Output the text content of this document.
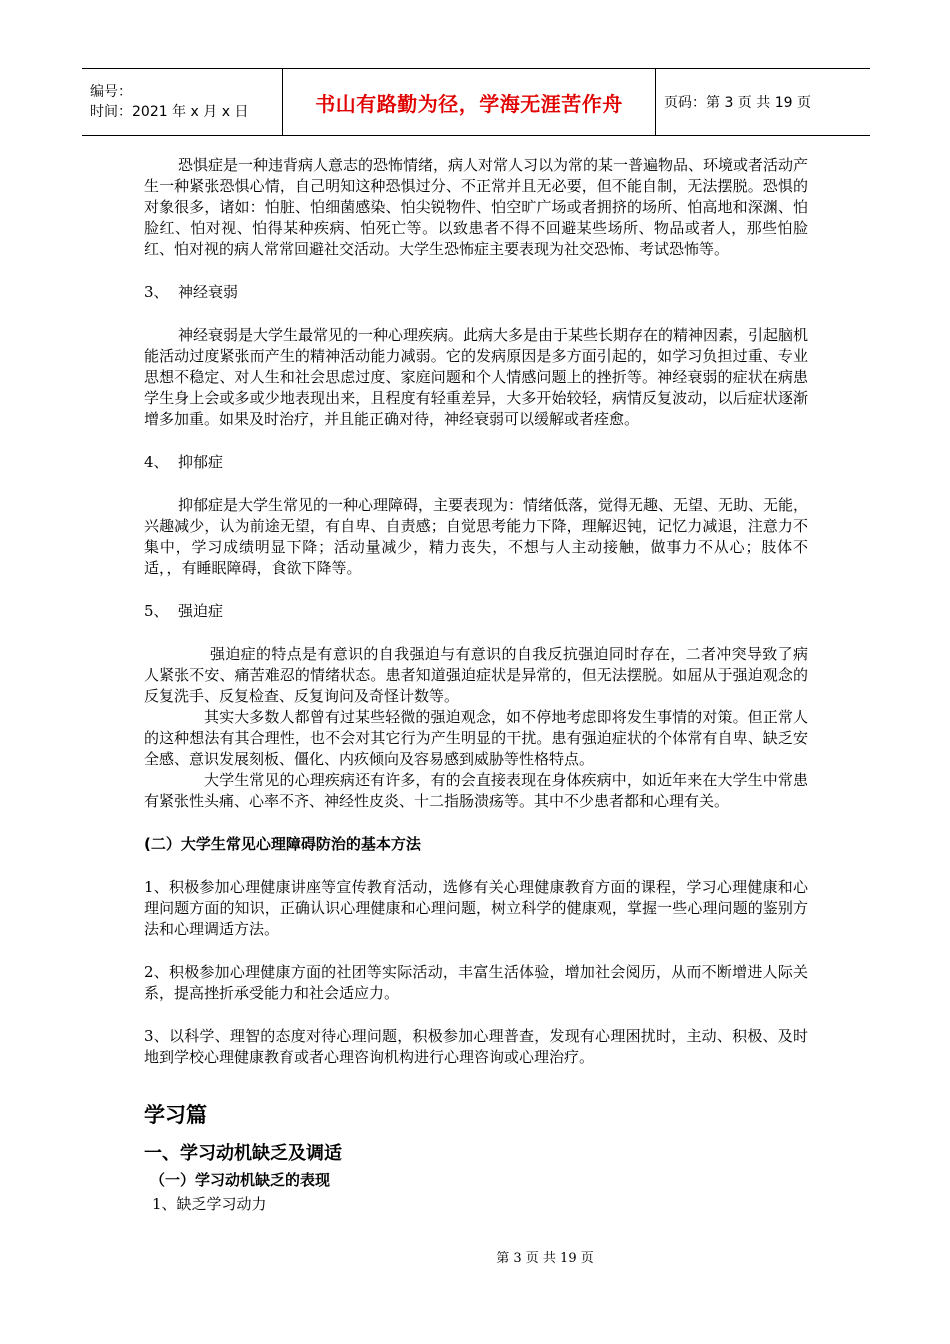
编号：
时间：2021 年 x 月 x 日	书山有路勤为径，学海无涯苦作舟	页码：第 3 页 共 19 页

恐惧症是一种违背病人意志的恐怖情绪，病人对常人习以为常的某一普遍物品、环境或者活动产生一种紧张恐惧心情，自己明知这种恐惧过分、不正常并且无必要，但不能自制，无法摆脱。恐惧的对象很多，诸如：怕脏、怕细菌感染、怕尖锐物件、怕空旷广场或者拥挤的场所、怕高地和深渊、怕脸红、怕对视、怕得某种疾病、怕死亡等。以致患者不得不回避某些场所、物品或者人，那些怕脸红、怕对视的病人常常回避社交活动。大学生恐怖症主要表现为社交恐怖、考试恐怖等。

3、 神经衰弱

神经衰弱是大学生最常见的一种心理疾病。此病大多是由于某些长期存在的精神因素，引起脑机能活动过度紧张而产生的精神活动能力减弱。它的发病原因是多方面引起的，如学习负担过重、专业思想不稳定、对人生和社会思虑过度、家庭问题和个人情感问题上的挫折等。神经衰弱的症状在病患学生身上会或多或少地表现出来，且程度有轻重差异，大多开始较轻，病情反复波动，以后症状逐渐增多加重。如果及时治疗，并且能正确对待，神经衰弱可以缓解或者痊愈。

4、 抑郁症

抑郁症是大学生常见的一种心理障碍，主要表现为：情绪低落，觉得无趣、无望、无助、无能，兴趣减少，认为前途无望，有自卑、自责感；自觉思考能力下降，理解迟钝，记忆力减退，注意力不集中，学习成绩明显下降；活动量减少，精力丧失，不想与人主动接触，做事力不从心；肢体不适，，有睡眠障碍，食欲下降等。

5、 强迫症

强迫症的特点是有意识的自我强迫与有意识的自我反抗强迫同时存在，二者冲突导致了病人紧张不安、痛苦难忍的情绪状态。患者知道强迫症状是异常的，但无法摆脱。如屈从于强迫观念的反复洗手、反复检查、反复询问及奇怪计数等。

其实大多数人都曾有过某些轻微的强迫观念，如不停地考虑即将发生事情的对策。但正常人的这种想法有其合理性，也不会对其它行为产生明显的干扰。患有强迫症状的个体常有自卑、缺乏安全感、意识发展刻板、僵化、内疚倾向及容易感到威胁等性格特点。

大学生常见的心理疾病还有许多，有的会直接表现在身体疾病中，如近年来在大学生中常患有紧张性头痛、心率不齐、神经性皮炎、十二指肠溃疡等。其中不少患者都和心理有关。

(二）大学生常见心理障碍防治的基本方法

1、积极参加心理健康讲座等宣传教育活动，选修有关心理健康教育方面的课程，学习心理健康和心理问题方面的知识，正确认识心理健康和心理问题，树立科学的健康观，掌握一些心理问题的鉴别方法和心理调适方法。

2、积极参加心理健康方面的社团等实际活动，丰富生活体验，增加社会阅历，从而不断增进人际关系，提高挫折承受能力和社会适应力。

3、以科学、理智的态度对待心理问题，积极参加心理普查，发现有心理困扰时，主动、积极、及时地到学校心理健康教育或者心理咨询机构进行心理咨询或心理治疗。

学习篇

一、学习动机缺乏及调适

（一）学习动机缺乏的表现

1、缺乏学习动力

第 3 页 共 19 页
